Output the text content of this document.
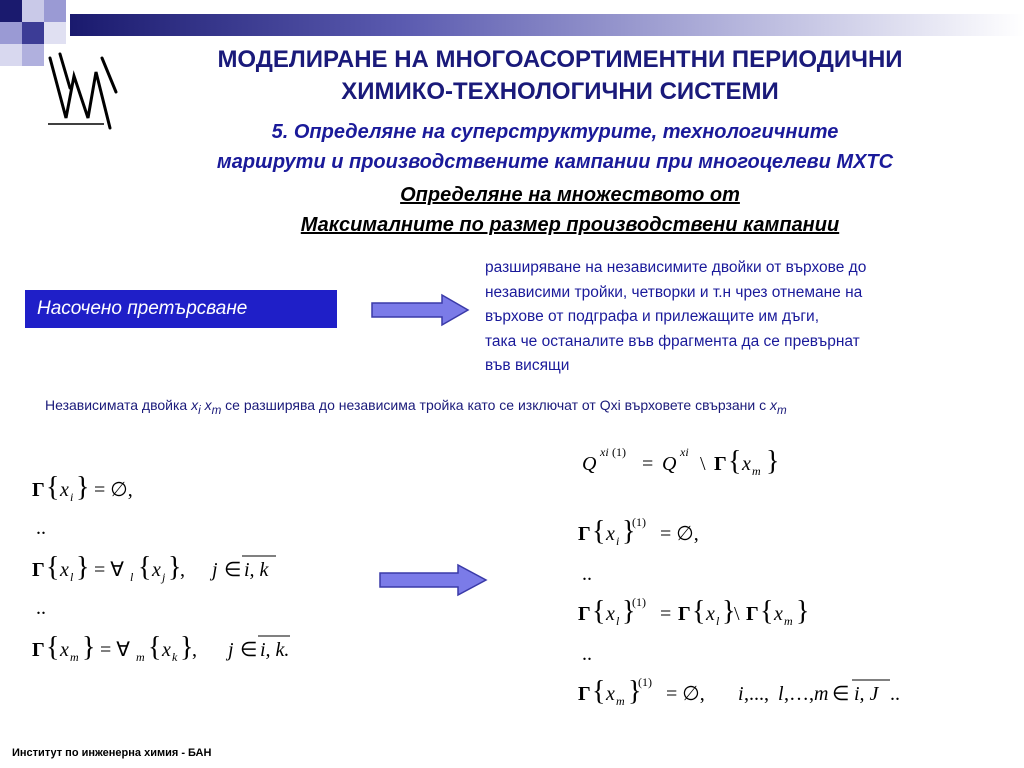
МОДЕЛИРАНЕ НА МНОГОАСОРТИМЕНТНИ ПЕРИОДИЧНИ
ХИМИКО-ТЕХНОЛОГИЧНИ СИСТЕМИ
5. Определяне на суперструктурите, технологичните
маршрути и производствените кампании при многоцелеви МХТС
Определяне на множеството от
Максималните по размер производствени кампании
Насочено претърсване
разширяване на независимите двойки от върхове до
независими тройки, четворки и т.н чрез отнемане на
върхове от подграфа и прилежащите им дъги,
така че останалите във фрагмента да се превърнат
във висящи
Независимата двойка $x_i$ $x_m$ се разширява до независима тройка като се изключат от Qxi върховете свързани с $x_m$
Γ { x i } = ∅,
..
Γ { x l } = ∀ l { x j }
, j ∈ i, k
..
Γ { x m } = ∀ m { x k }
, j ∈ i, k.
Q
xi (1)
= Q
xi
\ Γ { x m }
Γ { x i }
(1)
= ∅,
..
Γ { x l }
(1)
= Γ { x l }
\ Γ { x m }
..
Γ { x m }
(1)
= ∅, i ,..., l ,…, m ∈ i, J ..
Институт по инженерна химия - БАН
